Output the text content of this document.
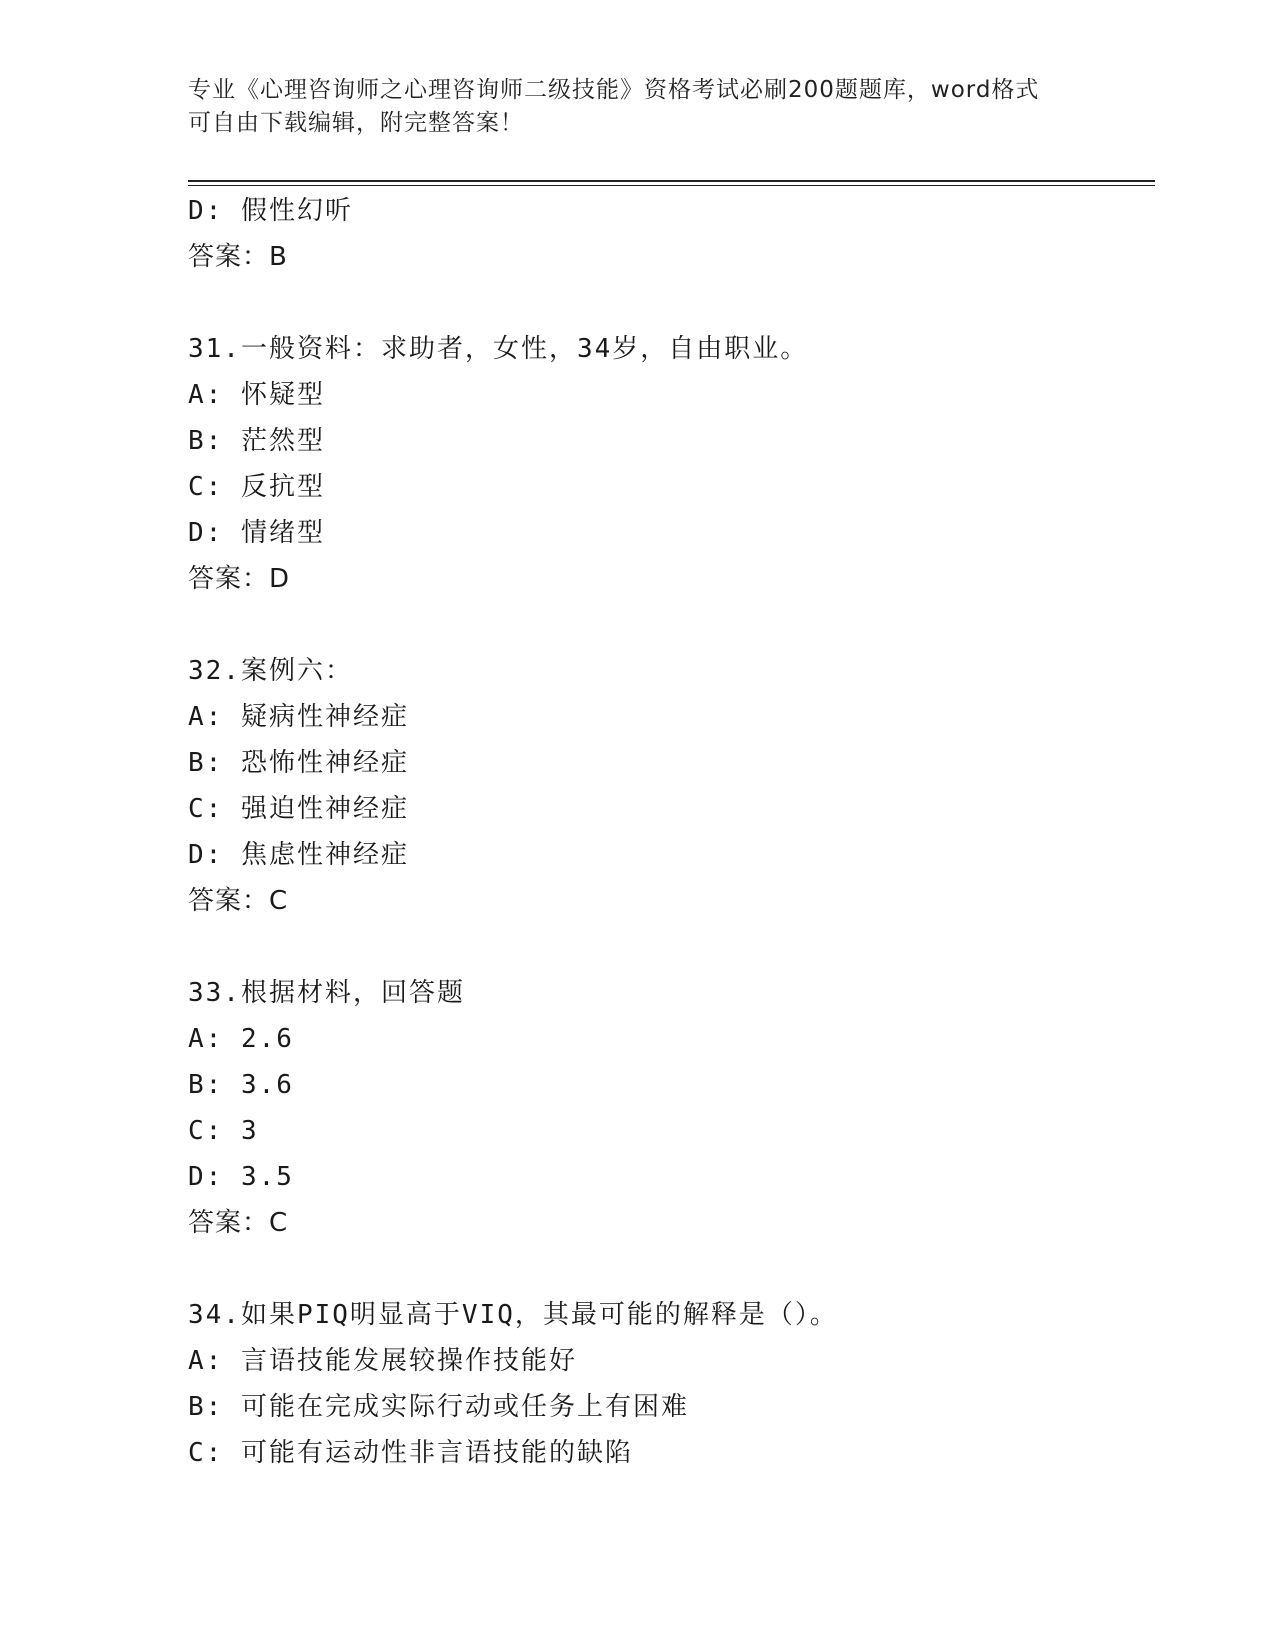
专业《心理咨询师之心理咨询师二级技能》资格考试必刷200题题库，word格式
可自由下载编辑，附完整答案！
D: 假性幻听
答案：B
31.一般资料：求助者，女性，34岁，自由职业。
A: 怀疑型
B: 茫然型
C: 反抗型
D: 情绪型
答案：D
32.案例六：
A: 疑病性神经症
B: 恐怖性神经症
C: 强迫性神经症
D: 焦虑性神经症
答案：C
33.根据材料，回答题
A: 2.6
B: 3.6
C: 3
D: 3.5
答案：C
34.如果PIQ明显高于VIQ，其最可能的解释是（）。
A: 言语技能发展较操作技能好
B: 可能在完成实际行动或任务上有困难
C: 可能有运动性非言语技能的缺陷
